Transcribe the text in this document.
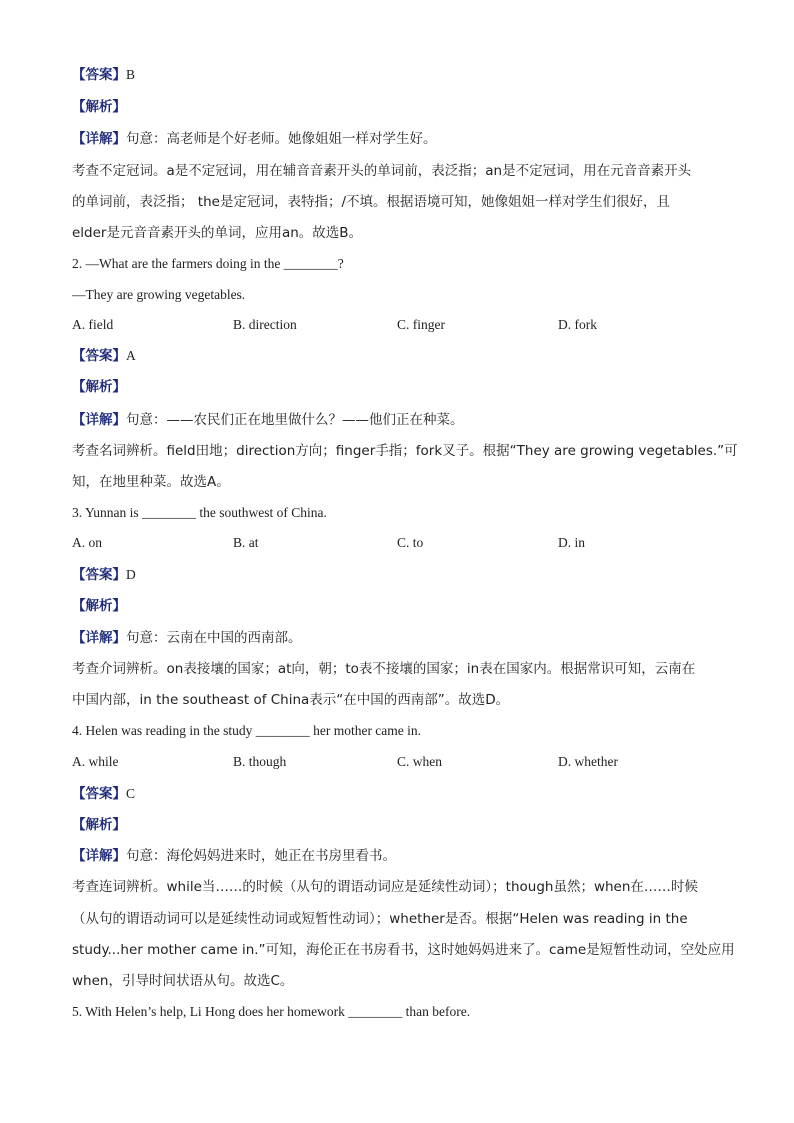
【答案】B
【解析】
【详解】句意：高老师是个好老师。她像姐姐一样对学生好。
考查不定冠词。a是不定冠词，用在辅音音素开头的单词前，表泛指；an是不定冠词，用在元音音素开头
的单词前，表泛指； the是定冠词，表特指；/不填。根据语境可知，她像姐姐一样对学生们很好，且
elder是元音音素开头的单词，应用an。故选B。
2. —What are the farmers doing in the ________?
—They are growing vegetables.
A. field	B. direction	C. finger	D. fork
【答案】A
【解析】
【详解】句意：——农民们正在地里做什么？——他们正在种菜。
考查名词辨析。field田地；direction方向；finger手指；fork叉子。根据“They are growing vegetables.”可
知，在地里种菜。故选A。
3. Yunnan is ________ the southwest of China.
A. on	B. at	C. to	D. in
【答案】D
【解析】
【详解】句意：云南在中国的西南部。
考查介词辨析。on表接壤的国家；at向，朝；to表不接壤的国家；in表在国家内。根据常识可知，云南在
中国内部，in the southeast of China表示“在中国的西南部”。故选D。
4. Helen was reading in the study ________ her mother came in.
A. while	B. though	C. when	D. whether
【答案】C
【解析】
【详解】句意：海伦妈妈进来时，她正在书房里看书。
考查连词辨析。while当……的时候（从句的谓语动词应是延续性动词）；though虽然；when在……时候
（从句的谓语动词可以是延续性动词或短暂性动词）；whether是否。根据“Helen was reading in the
study...her mother came in.”可知，海伦正在书房看书，这时她妈妈进来了。came是短暂性动词，空处应用
when，引导时间状语从句。故选C。
5. With Helen’s help, Li Hong does her homework ________ than before.
